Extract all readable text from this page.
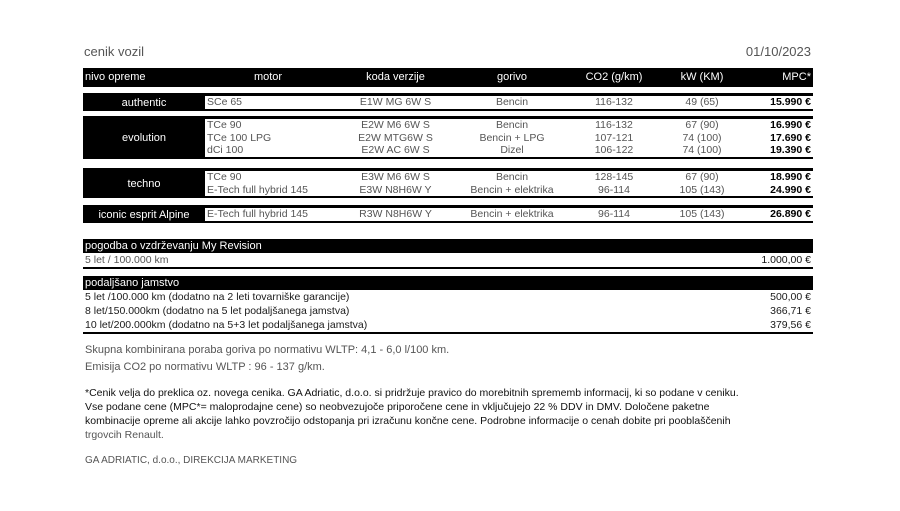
cenik vozil	01/10/2023
nivo opreme	motor	koda verzije	gorivo	CO2 (g/km)	kW (KM)	MPC*
authentic	SCe 65	E1W MG 6W S	Bencin	116-132	49 (65)	15.990 €
evolution
TCe 90	E2W M6 6W S	Bencin	116-132	67 (90)	16.990 €
TCe 100 LPG	E2W MTG6W S	Bencin + LPG	107-121	74 (100)	17.690 €
dCi 100	E2W AC 6W S	Dizel	106-122	74 (100)	19.390 €
techno
TCe 90	E3W M6 6W S	Bencin	128-145	67 (90)	18.990 €
E-Tech full hybrid 145	E3W N8H6W Y	Bencin + elektrika	96-114	105 (143)	24.990 €
iconic esprit Alpine	E-Tech full hybrid 145	R3W N8H6W Y	Bencin + elektrika	96-114	105 (143)	26.890 €
pogodba o vzdrževanju My Revision
5 let / 100.000 km	1.000,00 €
podaljšano jamstvo
5 let /100.000 km (dodatno na 2 leti tovarniške garancije)	500,00 €
8 let/150.000km (dodatno na 5 let podaljšanega jamstva)	366,71 €
10 let/200.000km (dodatno na 5+3 let podaljšanega jamstva)	379,56 €
Skupna kombinirana poraba goriva po normativu WLTP: 4,1 - 6,0 l/100 km.
Emisija CO2 po normativu WLTP : 96 - 137 g/km.
*Cenik velja do preklica oz. novega cenika. GA Adriatic, d.o.o. si pridržuje pravico do morebitnih sprememb informacij, ki so podane v ceniku.
Vse podane cene (MPC*= maloprodajne cene) so neobvezujoče priporočene cene in vključujejo 22 % DDV in DMV. Določene paketne
kombinacije opreme ali akcije lahko povzročijo odstopanja pri izračunu končne cene. Podrobne informacije o cenah dobite pri pooblaščenih
trgovcih Renault.
GA ADRIATIC, d.o.o., DIREKCIJA MARKETING
